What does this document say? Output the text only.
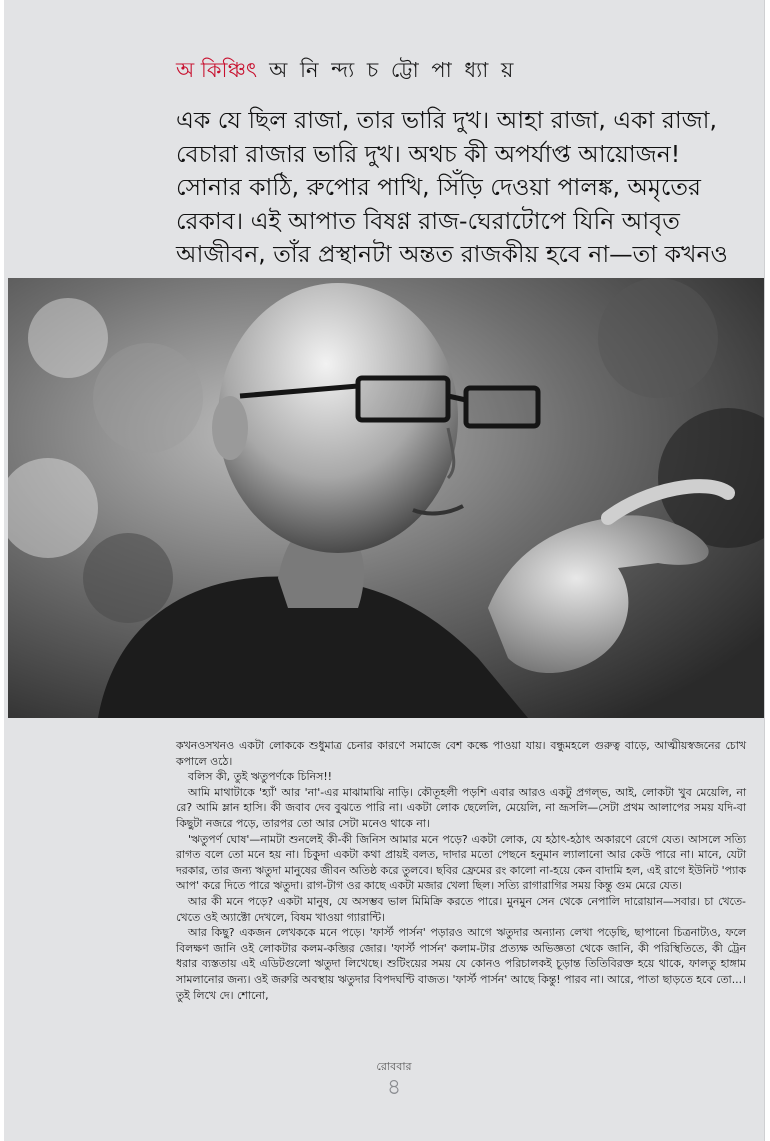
অ কিঞ্চিৎ অ নি ন্দ্য চ ট্টো পা ধ্যা য়
এক যে ছিল রাজা, তার ভারি দুখ। আহা রাজা, একা রাজা, বেচারা রাজার ভারি দুখ। অথচ কী অপর্যাপ্ত আয়োজন! সোনার কাঠি, রুপোর পাখি, সিঁড়ি দেওয়া পালঙ্ক, অমৃতের রেকাব। এই আপাত বিষণ্ণ রাজ-ঘেরাটোপে যিনি আবৃত আজীবন, তাঁর প্রস্থানটা অন্তত রাজকীয় হবে না—তা কখনও

কখনওসখনও একটা লোককে শুধুমাত্র চেনার কারণে সমাজে বেশ কল্কে পাওয়া যায়। বন্ধুমহলে গুরুত্ব বাড়ে, আত্মীয়স্বজনের চোখ কপালে ওঠে।

বলিস কী, তুই ঋতুপর্ণকে চিনিস!!

আমি মাথাটাকে 'হ্যাঁ' আর 'না'-এর মাঝামাঝি নাড়ি। কৌতূহলী পড়শি এবার আরও একটু প্রগল্ভ, আই, লোকটা খুব মেয়েলি, না রে? আমি ম্লান হাসি। কী জবাব দেব বুঝতে পারি না। একটা লোক ছেলেলি, মেয়েলি, না ভ্রূসলি—সেটা প্রথম আলাপের সময় যদি-বা কিছুটা নজরে পড়ে, তারপর তো আর সেটা মনেও থাকে না।

'ঋতুপর্ণ ঘোষ'—নামটা শুনলেই কী-কী জিনিস আমার মনে পড়ে? একটা লোক, যে হঠাৎ-হঠাৎ অকারণে রেগে যেত। আসলে সত্যি রাগত বলে তো মনে হয় না। চিকুদা একটা কথা প্রায়ই বলত, দাদার মতো পেছনে হনুমান ল্যালানো আর কেউ পারে না। মানে, যেটা দরকার, তার জন্য ঋতুদা মানুষের জীবন অতিষ্ঠ করে তুলবে। ছবির ফ্রেমের রং কালো না-হয়ে কেন বাদামি হল, এই রাগে ইউনিট 'প্যাক আপ' করে দিতে পারে ঋতুদা। রাগ-টাগ ওর কাছে একটা মজার খেলা ছিল। সত্যি রাগারাগির সময় কিন্তু গুম মেরে যেত।

আর কী মনে পড়ে? একটা মানুষ, যে অসম্ভব ভাল মিমিক্রি করতে পারে। মুনমুন সেন থেকে নেপালি দারোয়ান—সবার। চা খেতে-খেতে ওই অ্যাক্টো দেখলে, বিষম খাওয়া গ্যারান্টি।

আর কিছু? একজন লেখককে মনে পড়ে। 'ফার্স্ট পার্সন' পড়ারও আগে ঋতুদার অন্যান্য লেখা পড়েছি, ছাপানো চিত্রনাট্যও, ফলে বিলক্ষণ জানি ওই লোকটার কলম-কব্জির জোর। 'ফার্স্ট পার্সন' কলাম-টার প্রত্যক্ষ অভিজ্ঞতা থেকে জানি, কী পরিস্থিতিতে, কী ট্রেন ধরার ব্যস্ততায় এই এডিটগুলো ঋতুদা লিখেছে। শুটিংয়ের সময় যে কোনও পরিচালকই চূড়ান্ত তিতিবিরক্ত হয়ে থাকে, ফালতু হাঙ্গাম সামলানোর জন্য। ওই জরুরি অবস্থায় ঋতুদার বিপদঘণ্টি বাজত। 'ফার্স্ট পার্সন' আছে কিন্তু! পারব না। আরে, পাতা ছাড়তে হবে তো...। তুই লিখে দে। শোনো,

রোববার
৪
